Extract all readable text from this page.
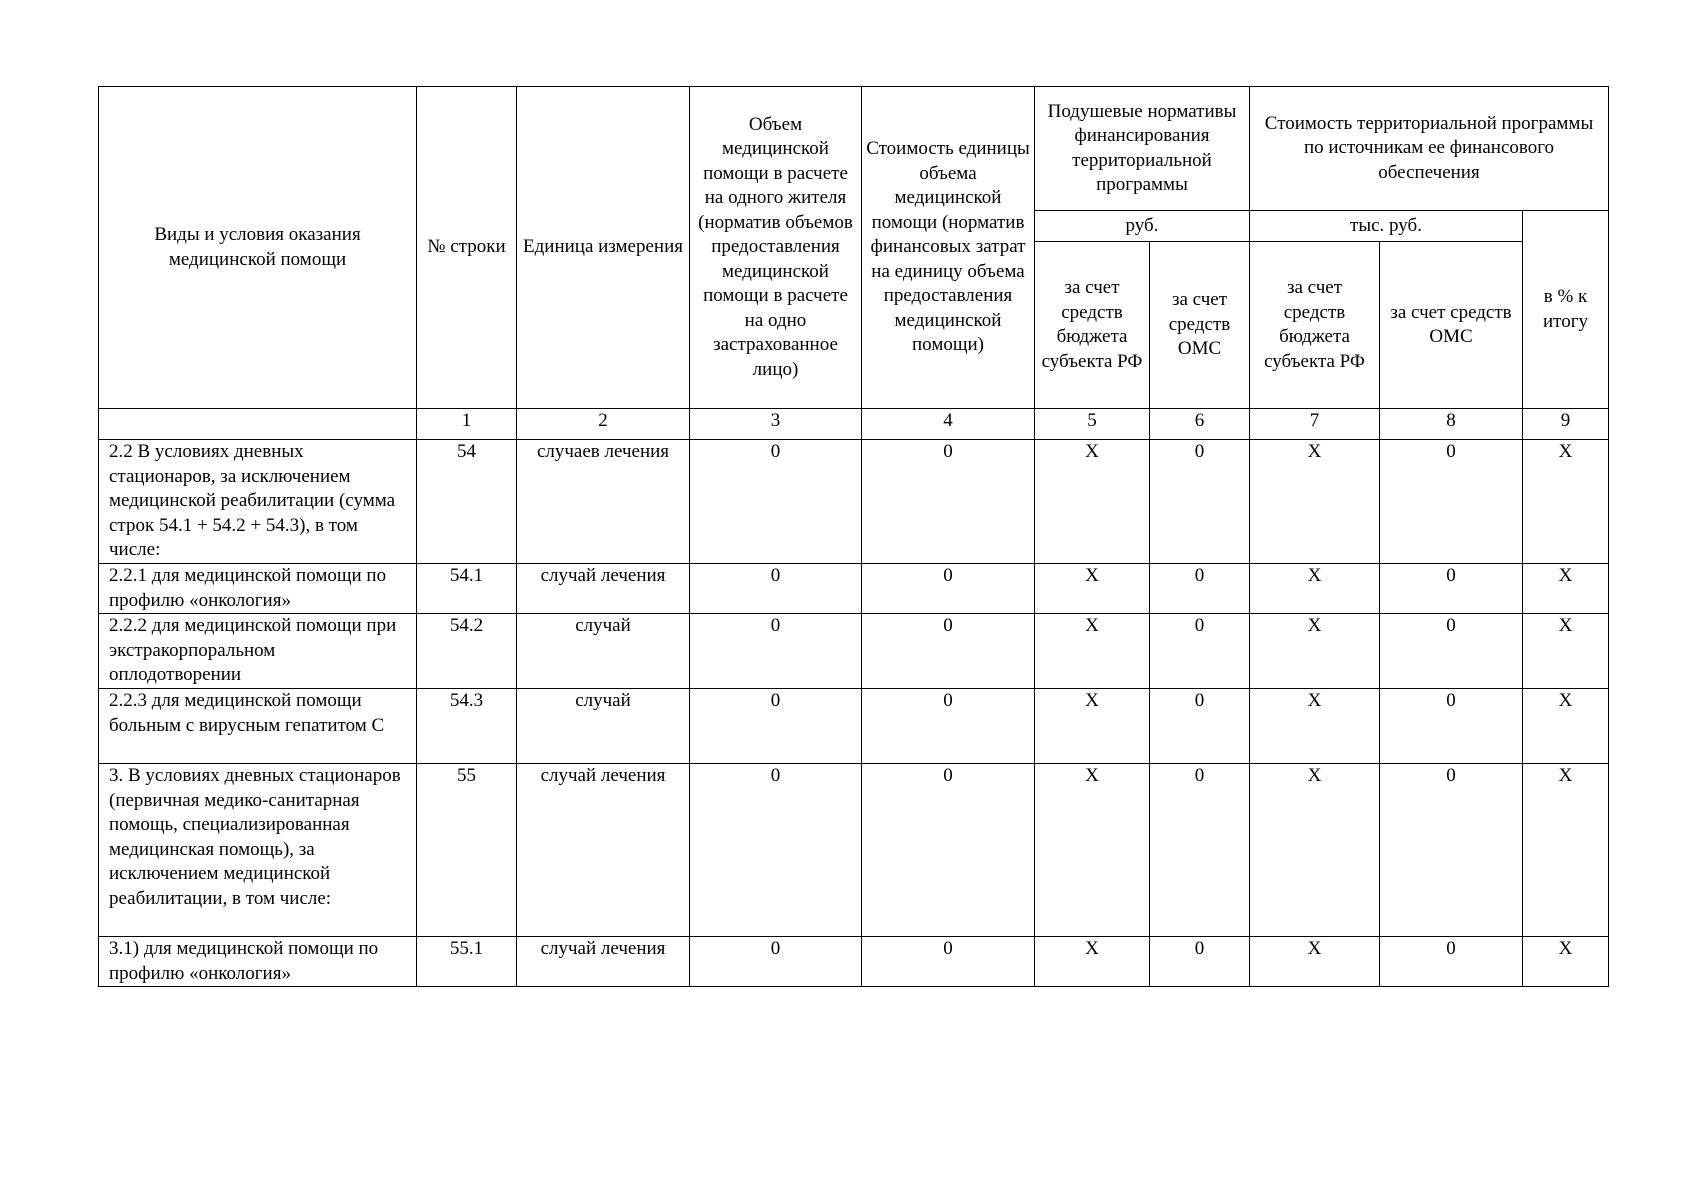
Виды и условия оказания медицинской помощи	№ строки	Единица измерения	Объем медицинской помощи в расчете на одного жителя (норматив объемов предоставления медицинской помощи в расчете на одно застрахованное лицо)	Стоимость единицы объема медицинской помощи (норматив финансовых затрат на единицу объема предоставления медицинской помощи)	Подушевые нормативы финансирования территориальной программы		Стоимость территориальной программы по источникам ее финансового обеспечения		
					руб.		тыс. руб.		в % к итогу
					за счет средств бюджета субъекта РФ	за счет средств ОМС	за счет средств бюджета субъекта РФ	за счет средств ОМС	
	1	2	3	4	5	6	7	8	9
2.2 В условиях дневных стационаров, за исключением медицинской реабилитации (сумма строк 54.1 + 54.2 + 54.3), в том числе:	54	случаев лечения	0	0	X	0	X	0	X
2.2.1 для медицинской помощи по профилю «онкология»	54.1	случай лечения	0	0	X	0	X	0	X
2.2.2 для медицинской помощи при экстракорпоральном оплодотворении	54.2	случай	0	0	X	0	X	0	X
2.2.3 для медицинской помощи больным с вирусным гепатитом С	54.3	случай	0	0	X	0	X	0	X
3. В условиях дневных стационаров (первичная медико-санитарная помощь, специализированная медицинская помощь), за исключением медицинской реабилитации, в том числе:	55	случай лечения	0	0	X	0	X	0	X
3.1) для медицинской помощи по профилю «онкология»	55.1	случай лечения	0	0	X	0	X	0	X
